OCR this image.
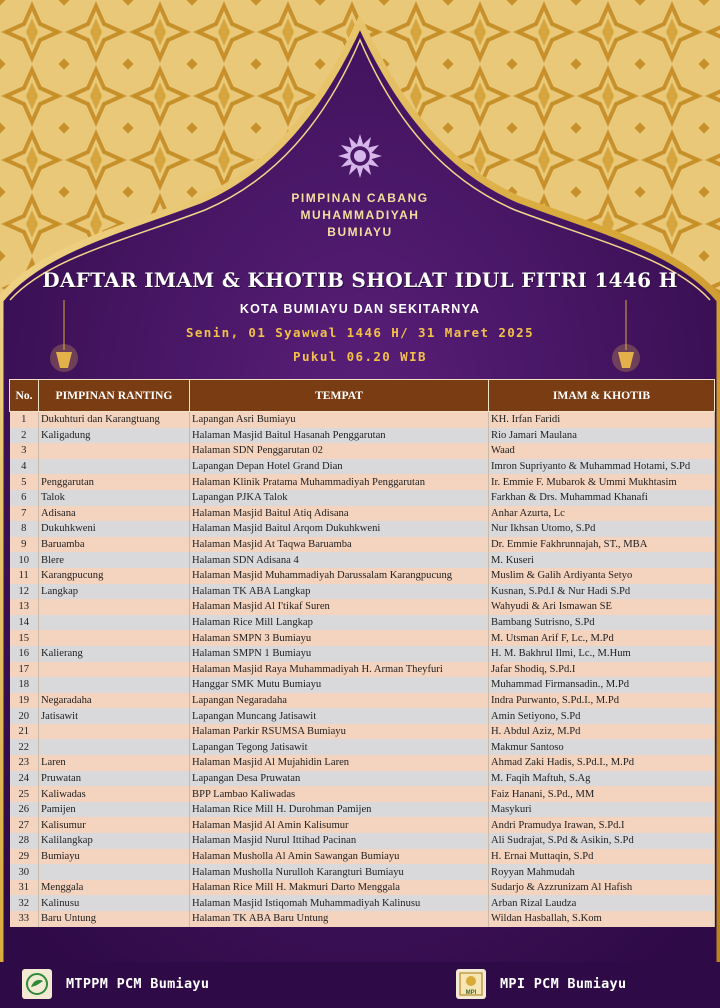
PIMPINAN CABANG
MUHAMMADIYAH
BUMIAYU
DAFTAR IMAM & KHOTIB SHOLAT IDUL FITRI 1446 H
KOTA BUMIAYU DAN SEKITARNYA
Senin, 01 Syawwal 1446 H/ 31 Maret 2025
Pukul 06.20 WIB
No.	PIMPINAN RANTING	TEMPAT	IMAM & KHOTIB
1	Dukuhturi dan Karangtuang	Lapangan Asri Bumiayu	KH. Irfan Faridi
2	Kaligadung	Halaman Masjid Baitul Hasanah Penggarutan	Rio Jamari Maulana
3		Halaman SDN Penggarutan 02	Waad
4		Lapangan Depan Hotel Grand Dian	Imron Supriyanto & Muhammad Hotami, S.Pd
5	Penggarutan	Halaman Klinik Pratama Muhammadiyah Penggarutan	Ir. Emmie F. Mubarok & Ummi Mukhtasim
6	Talok	Lapangan PJKA Talok	Farkhan & Drs. Muhammad Khanafi
7	Adisana	Halaman Masjid Baitul Atiq Adisana	Anhar Azurta, Lc
8	Dukuhkweni	Halaman Masjid Baitul Arqom Dukuhkweni	Nur Ikhsan Utomo, S.Pd
9	Baruamba	Halaman Masjid At Taqwa Baruamba	Dr. Emmie Fakhrunnajah, ST., MBA
10	Blere	Halaman SDN Adisana 4	M. Kuseri
11	Karangpucung	Halaman Masjid Muhammadiyah Darussalam Karangpucung	Muslim & Galih Ardiyanta Setyo
12	Langkap	Halaman TK ABA Langkap	Kusnan, S.Pd.I & Nur Hadi S.Pd
13		Halaman Masjid Al I'tikaf Suren	Wahyudi & Ari Ismawan SE
14		Halaman Rice Mill Langkap	Bambang Sutrisno, S.Pd
15		Halaman SMPN 3 Bumiayu	M. Utsman Arif F, Lc., M.Pd
16	Kalierang	Halaman SMPN 1 Bumiayu	H. M. Bakhrul Ilmi, Lc., M.Hum
17		Halaman Masjid Raya Muhammadiyah H. Arman Theyfuri	Jafar Shodiq, S.Pd.I
18		Hanggar SMK Mutu Bumiayu	Muhammad Firmansadin., M.Pd
19	Negaradaha	Lapangan Negaradaha	Indra Purwanto, S.Pd.I., M.Pd
20	Jatisawit	Lapangan Muncang Jatisawit	Amin Setiyono, S.Pd
21		Halaman Parkir RSUMSA Bumiayu	H. Abdul Aziz, M.Pd
22		Lapangan Tegong Jatisawit	Makmur Santoso
23	Laren	Halaman Masjid Al Mujahidin Laren	Ahmad Zaki Hadis, S.Pd.I., M.Pd
24	Pruwatan	Lapangan Desa Pruwatan	M. Faqih Maftuh, S.Ag
25	Kaliwadas	BPP Lambao Kaliwadas	Faiz Hanani, S.Pd., MM
26	Pamijen	Halaman Rice Mill H. Durohman Pamijen	Masykuri
27	Kalisumur	Halaman Masjid Al Amin Kalisumur	Andri Pramudya Irawan, S.Pd.I
28	Kalilangkap	Halaman Masjid Nurul Ittihad Pacinan	Ali Sudrajat, S.Pd & Asikin, S.Pd
29	Bumiayu	Halaman Musholla Al Amin Sawangan Bumiayu	H. Ernai Muttaqin, S.Pd
30		Halaman Musholla Nurulloh Karangturi Bumiayu	Royyan Mahmudah
31	Menggala	Halaman Rice Mill H. Makmuri Darto Menggala	Sudarjo & Azzrunizam Al Hafish
32	Kalinusu	Halaman Masjid Istiqomah Muhammadiyah Kalinusu	Arban Rizal Laudza
33	Baru Untung	Halaman TK ABA Baru Untung	Wildan Hasballah, S.Kom
MTPPM PCM Bumiayu
MPI
MPI PCM Bumiayu
